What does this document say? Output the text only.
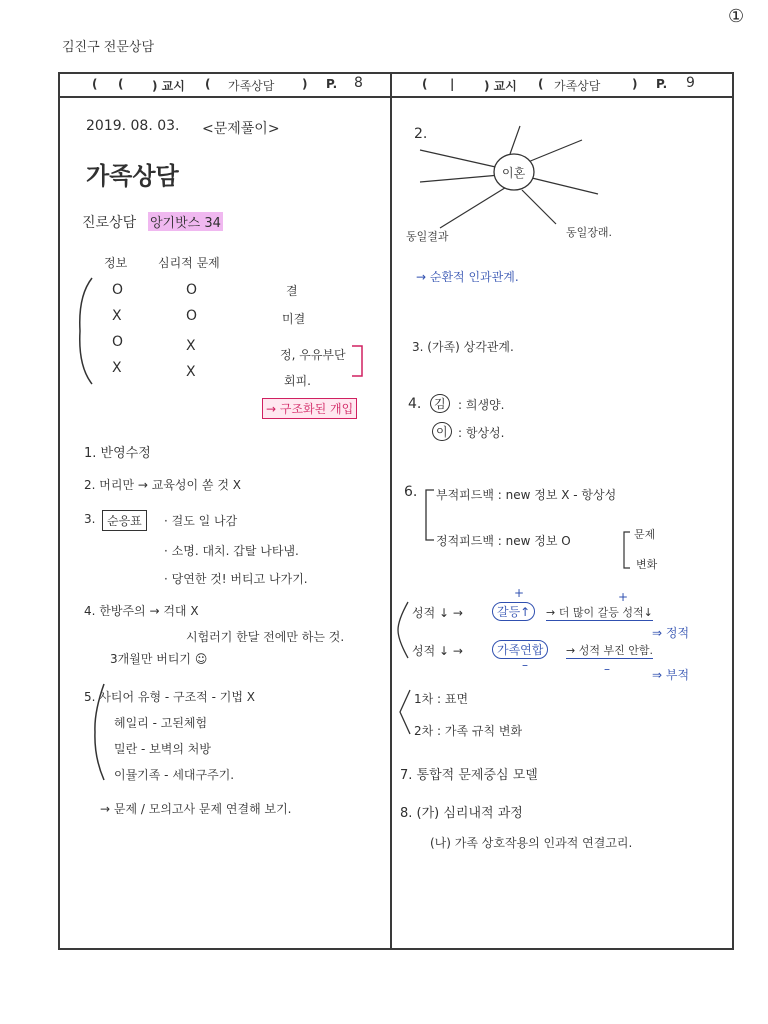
①
김진구 전문상담
( ( ) 교시 ( 가족상담 ) P. 8	( | ) 교시 ( 가족상담	) P. 9
2019. 08. 03. <문제풀이>
가족상담
진로상담 앙기밧스 34
정보	심리적 문제
O	O	결
X	O	미결
O	X
정, 우유부단
X	X
회피.
→ 구조화된 개입
1. 반영수정
2. 머리만 → 교육성이 쏟 것 X
3. 순응표	· 걸도 일 나감
· 소명. 대치. 갑탈 나타냄.
· 당연한 것! 버티고 나가기.
4. 한방주의 → 걱대 X
시험러기 한달 전에만 하는 것.
3개월만 버티기 ☺
5. 사티어 유형 - 구조적 - 기법 X
헤일리 - 고된체험
밀란 - 보벽의 처방
이뮬기족 - 세대구주기.
→ 문제 / 모의고사 문제 연결해 보기.
2.
이혼
동일결과	동일장래.
→ 순환적 인과관계.
3. (가족) 상각관계.
4.	김	: 희생양.
이 : 항상성.
6. 부적피드백 : new 정보 X - 항상성
정적피드백 : new 정보 O	문제
변화
+	+
성적 ↓ →	갈등↑	→ 더 많이 갈등 성적↓
⇒ 정적
성적 ↓ →	가족연합	→ 성적 부진 안함.
–	–	⇒ 부적
1차 : 표면
2차 : 가족 규칙 변화
7. 통합적 문제중심 모델
8. (가) 심리내적 과정
(나) 가족 상호작용의 인과적 연결고리.
